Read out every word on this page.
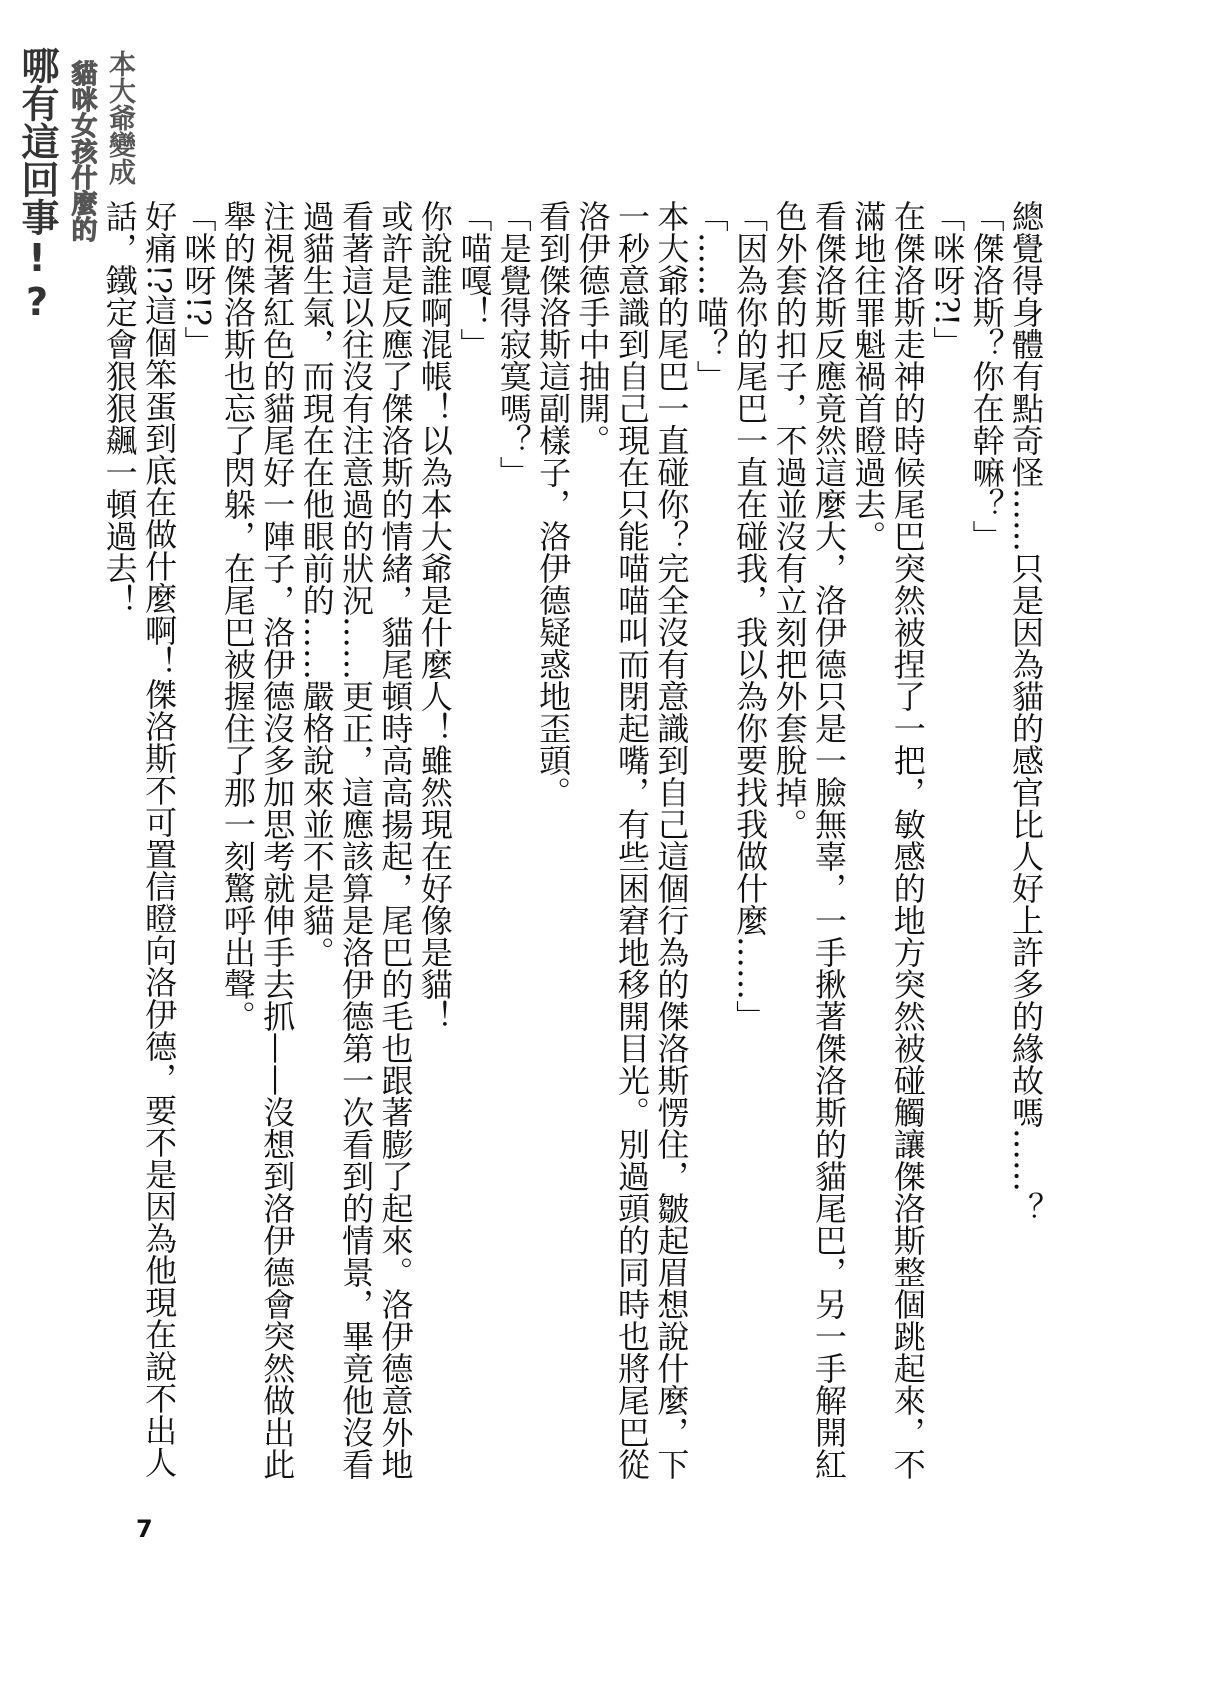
本大爺變成
貓咪女孩什麼的
哪有這回事!?

總覺得身體有點奇怪……只是因為貓的感官比人好上許多的緣故嗎……？

「傑洛斯？你在幹嘛？」

「咪呀?!」

在傑洛斯走神的時候尾巴突然被捏了一把，敏感的地方突然被碰觸讓傑洛斯整個跳起來，不滿地往罪魁禍首瞪過去。

看傑洛斯反應竟然這麼大，洛伊德只是一臉無辜，一手揪著傑洛斯的貓尾巴，另一手解開紅色外套的扣子，不過並沒有立刻把外套脫掉。

「因為你的尾巴一直在碰我，我以為你要找我做什麼……」

「……喵？」

本大爺的尾巴一直碰你？完全沒有意識到自己這個行為的傑洛斯愣住，皺起眉想說什麼，下一秒意識到自己現在只能喵喵叫而閉起嘴，有些困窘地移開目光。別過頭的同時也將尾巴從洛伊德手中抽開。

看到傑洛斯這副樣子，洛伊德疑惑地歪頭。

「是覺得寂寞嗎？」

「喵嘎！」

你說誰啊混帳！以為本大爺是什麼人！雖然現在好像是貓！

或許是反應了傑洛斯的情緒，貓尾頓時高高揚起，尾巴的毛也跟著膨了起來。洛伊德意外地看著這以往沒有注意過的狀況……更正，這應該算是洛伊德第一次看到的情景，畢竟他沒看過貓生氣，而現在在他眼前的……嚴格說來並不是貓。

注視著紅色的貓尾好一陣子，洛伊德沒多加思考就伸手去抓——沒想到洛伊德會突然做出此舉的傑洛斯也忘了閃躲，在尾巴被握住了那一刻驚呼出聲。

「咪呀!?」

好痛!?這個笨蛋到底在做什麼啊！傑洛斯不可置信瞪向洛伊德，要不是因為他現在說不出人話，鐵定會狠狠飆一頓過去！

7
